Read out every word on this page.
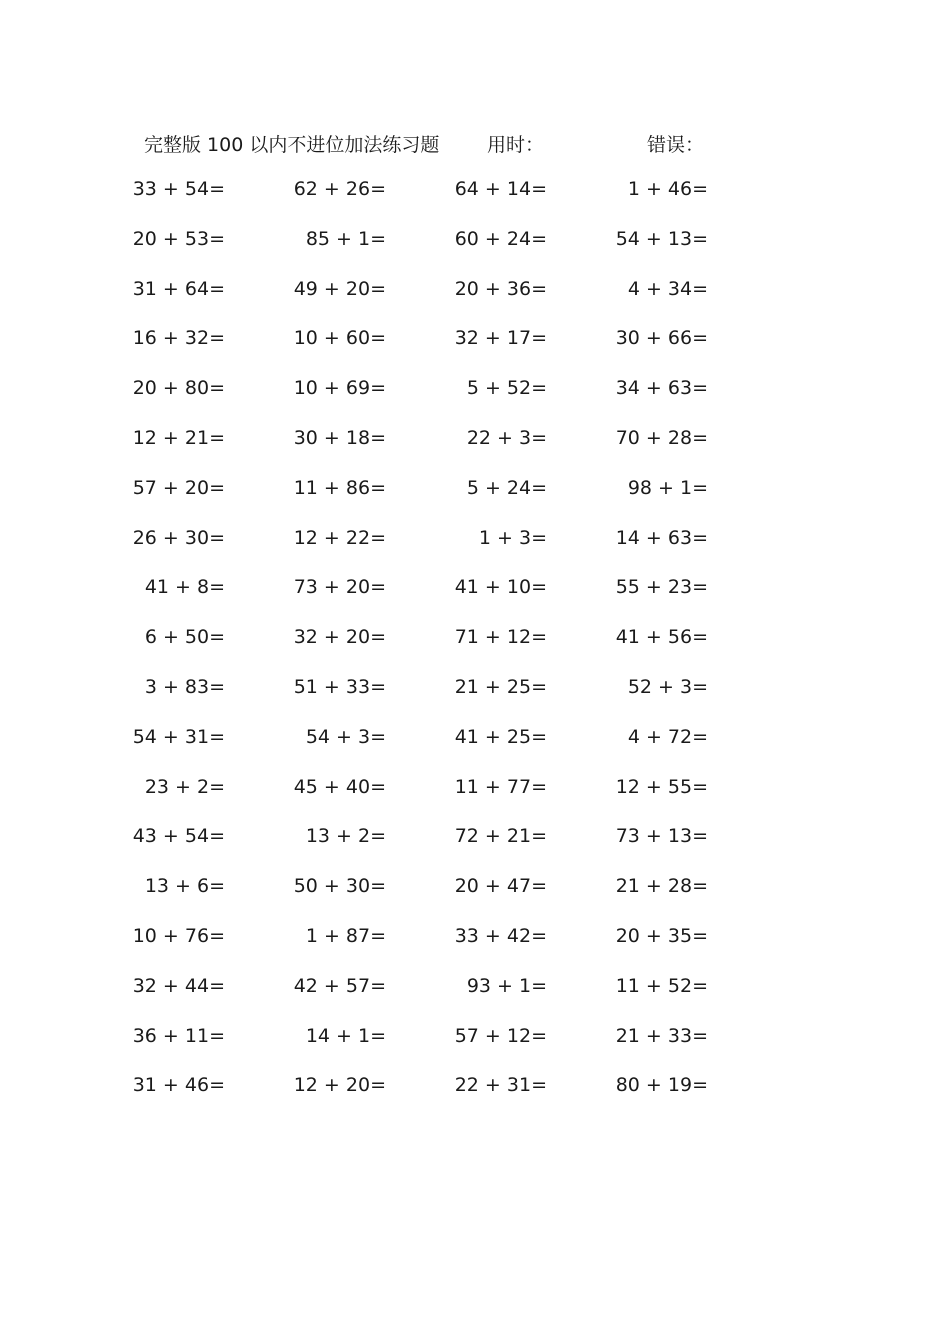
完整版 100 以内不进位加法练习题	用时：	错误：
33 + 54=	62 + 26=	64 + 14=	1 + 46=
20 + 53=	85 + 1=	60 + 24=	54 + 13=
31 + 64=	49 + 20=	20 + 36=	4 + 34=
16 + 32=	10 + 60=	32 + 17=	30 + 66=
20 + 80=	10 + 69=	5 + 52=	34 + 63=
12 + 21=	30 + 18=	22 + 3=	70 + 28=
57 + 20=	11 + 86=	5 + 24=	98 + 1=
26 + 30=	12 + 22=	1 + 3=	14 + 63=
41 + 8=	73 + 20=	41 + 10=	55 + 23=
6 + 50=	32 + 20=	71 + 12=	41 + 56=
3 + 83=	51 + 33=	21 + 25=	52 + 3=
54 + 31=	54 + 3=	41 + 25=	4 + 72=
23 + 2=	45 + 40=	11 + 77=	12 + 55=
43 + 54=	13 + 2=	72 + 21=	73 + 13=
13 + 6=	50 + 30=	20 + 47=	21 + 28=
10 + 76=	1 + 87=	33 + 42=	20 + 35=
32 + 44=	42 + 57=	93 + 1=	11 + 52=
36 + 11=	14 + 1=	57 + 12=	21 + 33=
31 + 46=	12 + 20=	22 + 31=	80 + 19=
